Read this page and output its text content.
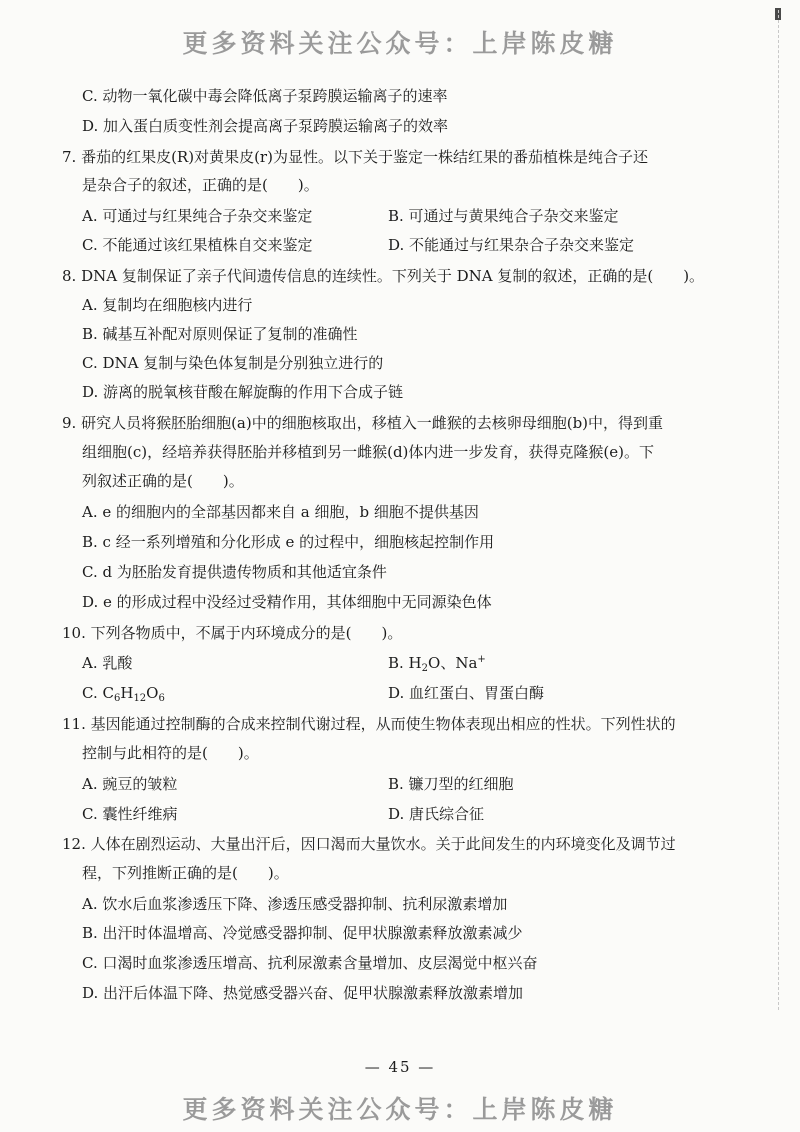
更多资料关注公众号：上岸陈皮糖
C. 动物一氧化碳中毒会降低离子泵跨膜运输离子的速率
D. 加入蛋白质变性剂会提高离子泵跨膜运输离子的效率
7. 番茄的红果皮(R)对黄果皮(r)为显性。以下关于鉴定一株结红果的番茄植株是纯合子还
是杂合子的叙述，正确的是(　　)。
A. 可通过与红果纯合子杂交来鉴定	B. 可通过与黄果纯合子杂交来鉴定
C. 不能通过该红果植株自交来鉴定	D. 不能通过与红果杂合子杂交来鉴定
8. DNA 复制保证了亲子代间遗传信息的连续性。下列关于 DNA 复制的叙述，正确的是(　　)。
A. 复制均在细胞核内进行
B. 碱基互补配对原则保证了复制的准确性
C. DNA 复制与染色体复制是分别独立进行的
D. 游离的脱氧核苷酸在解旋酶的作用下合成子链
9. 研究人员将猴胚胎细胞(a)中的细胞核取出，移植入一雌猴的去核卵母细胞(b)中，得到重
组细胞(c)，经培养获得胚胎并移植到另一雌猴(d)体内进一步发育，获得克隆猴(e)。下
列叙述正确的是(　　)。
A. e 的细胞内的全部基因都来自 a 细胞，b 细胞不提供基因
B. c 经一系列增殖和分化形成 e 的过程中，细胞核起控制作用
C. d 为胚胎发育提供遗传物质和其他适宜条件
D. e 的形成过程中没经过受精作用，其体细胞中无同源染色体
10. 下列各物质中，不属于内环境成分的是(　　)。
A. 乳酸	B. $H_2O$、Na+
C. $C_6H_{12}O_6$	D. 血红蛋白、胃蛋白酶
11. 基因能通过控制酶的合成来控制代谢过程，从而使生物体表现出相应的性状。下列性状的
控制与此相符的是(　　)。
A. 豌豆的皱粒	B. 镰刀型的红细胞
C. 囊性纤维病	D. 唐氏综合征
12. 人体在剧烈运动、大量出汗后，因口渴而大量饮水。关于此间发生的内环境变化及调节过
程，下列推断正确的是(　　)。
A. 饮水后血浆渗透压下降、渗透压感受器抑制、抗利尿激素增加
B. 出汗时体温增高、冷觉感受器抑制、促甲状腺激素释放激素减少
C. 口渴时血浆渗透压增高、抗利尿激素含量增加、皮层渴觉中枢兴奋
D. 出汗后体温下降、热觉感受器兴奋、促甲状腺激素释放激素增加
— 45 —
更多资料关注公众号：上岸陈皮糖
